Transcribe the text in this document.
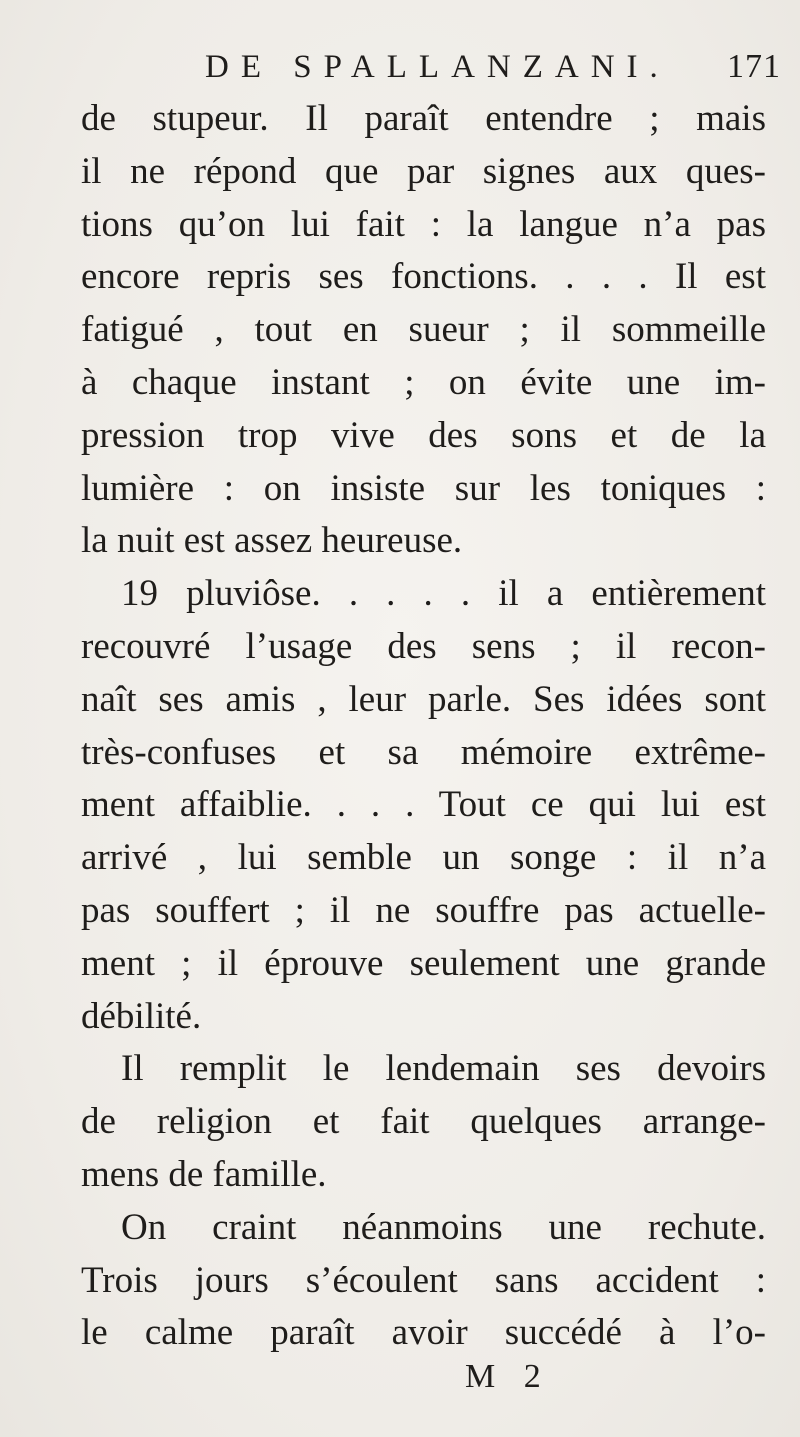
DE SPALLANZANI. 171
de stupeur. Il paraît entendre ; mais
il ne répond que par signes aux ques-
tions qu’on lui fait : la langue n’a pas
encore repris ses fonctions. . . . Il est
fatigué , tout en sueur ; il sommeille
à chaque instant ; on évite une im-
pression trop vive des sons et de la
lumière : on insiste sur les toniques :
la nuit est assez heureuse.
19 pluviôse. . . . . il a entièrement
recouvré l’usage des sens ; il recon-
naît ses amis , leur parle. Ses idées sont
très-confuses et sa mémoire extrême-
ment affaiblie. . . . Tout ce qui lui est
arrivé , lui semble un songe : il n’a
pas souffert ; il ne souffre pas actuelle-
ment ; il éprouve seulement une grande
débilité.
Il remplit le lendemain ses devoirs
de religion et fait quelques arrange-
mens de famille.
On craint néanmoins une rechute.
Trois jours s’écoulent sans accident :
le calme paraît avoir succédé à l’o-
M 2
